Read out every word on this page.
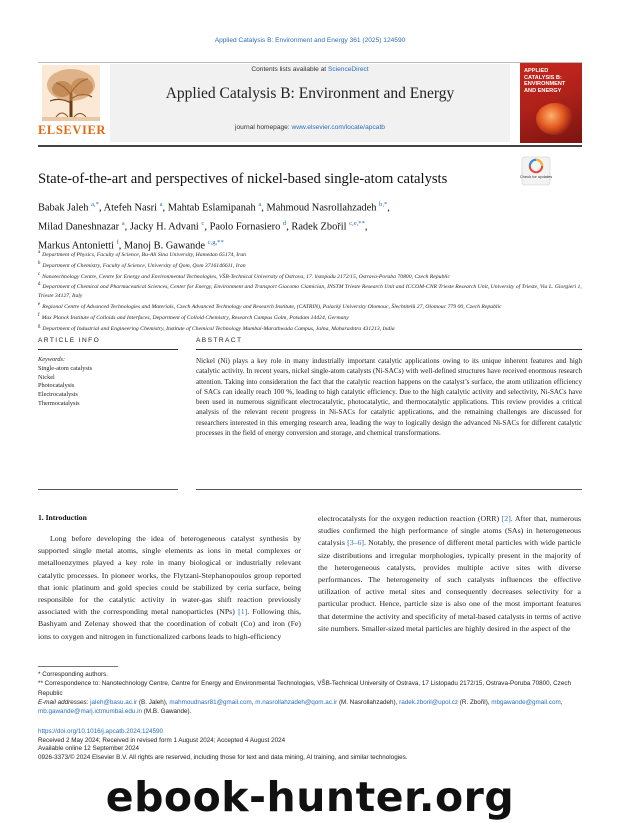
Applied Catalysis B: Environment and Energy 361 (2025) 124590
ELSEVIER
Contents lists available at ScienceDirect
Applied Catalysis B: Environment and Energy
journal homepage: www.elsevier.com/locate/apcatb
APPLIED CATALYSIS B: ENVIRONMENT AND ENERGY
State-of-the-art and perspectives of nickel-based single-atom catalysts	Check for updates
Babak Jaleh $^{a,*}$, Atefeh Nasri $^a$, Mahtab Eslamipanah $^a$, Mahmoud Nasrollahzadeh $^{b,*}$,
Milad Daneshnazar $^a$, Jacky H. Advani $^c$, Paolo Fornasiero $^d$, Radek Zbořil $^{c,e,**}$,
Markus Antonietti $^f$, Manoj B. Gawande $^{c,g,**}$
$^a$ Department of Physics, Faculty of Science, Bu-Ali Sina University, Hamedan 65174, Iran
$^b$ Department of Chemistry, Faculty of Science, University of Qom, Qom 3716146611, Iran
$^c$ Nanotechnology Centre, Centre for Energy and Environmental Technologies, VŠB-Technical University of Ostrava, 17. listopadu 2172/15, Ostrava-Poruba 70800, Czech Republic
$^d$ Department of Chemical and Pharmaceutical Sciences, Center for Energy, Environment and Transport Giacomo Ciamician, INSTM Trieste Research Unit and ICCOM-CNR Trieste Research Unit, University of Trieste, Via L. Giorgieri 1, Trieste 34127, Italy
$^e$ Regional Centre of Advanced Technologies and Materials, Czech Advanced Technology and Research Institute, (CATRIN), Palacký University Olomouc, Šlechtitelů 27, Olomouc 779 00, Czech Republic
$^f$ Max Planck Institute of Colloids and Interfaces, Department of Colloid Chemistry, Research Campus Golm, Potsdam 14424, Germany
$^g$ Department of Industrial and Engineering Chemistry, Institute of Chemical Technology Mumbai-Marathwada Campus, Jalna, Maharashtra 431213, India
ARTICLE INFO	ABSTRACT
Keywords:
Single-atom catalysts
Nickel
Photocatalysis
Electrocatalysis
Thermocatalysis
Nickel (Ni) plays a key role in many industrially important catalytic applications owing to its unique inherent features and high catalytic activity. In recent years, nickel single-atom catalysts (Ni-SACs) with well-defined structures have received enormous research attention. Taking into consideration the fact that the catalytic reaction happens on the catalyst’s surface, the atom utilization efficiency of SACs can ideally reach 100 %, leading to high catalytic efficiency. Due to the high catalytic activity and selectivity, Ni-SACs have been used in numerous significant electrocatalytic, photocatalytic, and thermocatalytic applications. This review provides a critical analysis of the relevant recent progress in Ni-SACs for catalytic applications, and the remaining challenges are discussed for researchers interested in this emerging research area, leading the way to logically design the advanced Ni-SACs for different catalytic processes in the field of energy conversion and storage, and chemical transformations.
1. Introduction
Long before developing the idea of heterogeneous catalyst synthesis by supported single metal atoms, single elements as ions in metal complexes or metalloenzymes played a key role in many biological or industrially relevant catalytic processes. In pioneer works, the Flytzani-Stephanopoulos group reported that ionic platinum and gold species could be stabilized by ceria surface, being responsible for the catalytic activity in water-gas shift reaction previously associated with the corresponding metal nanoparticles (NPs) [1]. Following this, Bashyam and Zelenay showed that the coordination of cobalt (Co) and iron (Fe) ions to oxygen and nitrogen in functionalized carbons leads to high-efficiency
electrocatalysts for the oxygen reduction reaction (ORR) [2]. After that, numerous studies confirmed the high performance of single atoms (SAs) in heterogeneous catalysis [3–6]. Notably, the presence of different metal particles with wide particle size distributions and irregular morphologies, typically present in the majority of the heterogeneous catalysts, provides multiple active sites with diverse performances. The heterogeneity of such catalysts influences the effective utilization of active metal sites and consequently decreases selectivity for a particular product. Hence, particle size is also one of the most important features that determine the activity and specificity of metal-based catalysts in terms of active site numbers. Smaller-sized metal particles are highly desired in the aspect of the
* Corresponding authors.
** Correspondence to: Nanotechnology Centre, Centre for Energy and Environmental Technologies, VŠB-Technical University of Ostrava, 17 Listopadu 2172/15, Ostrava-Poruba 70800, Czech Republic
E-mail addresses: jaleh@basu.ac.ir (B. Jaleh), mahmoudnasr81@gmail.com, m.nasrollahzadeh@qom.ac.ir (M. Nasrollahzadeh), radek.zboril@upol.cz (R. Zbořil), mbgawande@gmail.com, mb.gawande@marj.ictmumbai.edu.in (M.B. Gawande).
https://doi.org/10.1016/j.apcatb.2024.124590
Received 2 May 2024; Received in revised form 1 August 2024; Accepted 4 August 2024
Available online 12 September 2024
0926-3373/© 2024 Elsevier B.V. All rights are reserved, including those for text and data mining, AI training, and similar technologies.
ebook-hunter.org
